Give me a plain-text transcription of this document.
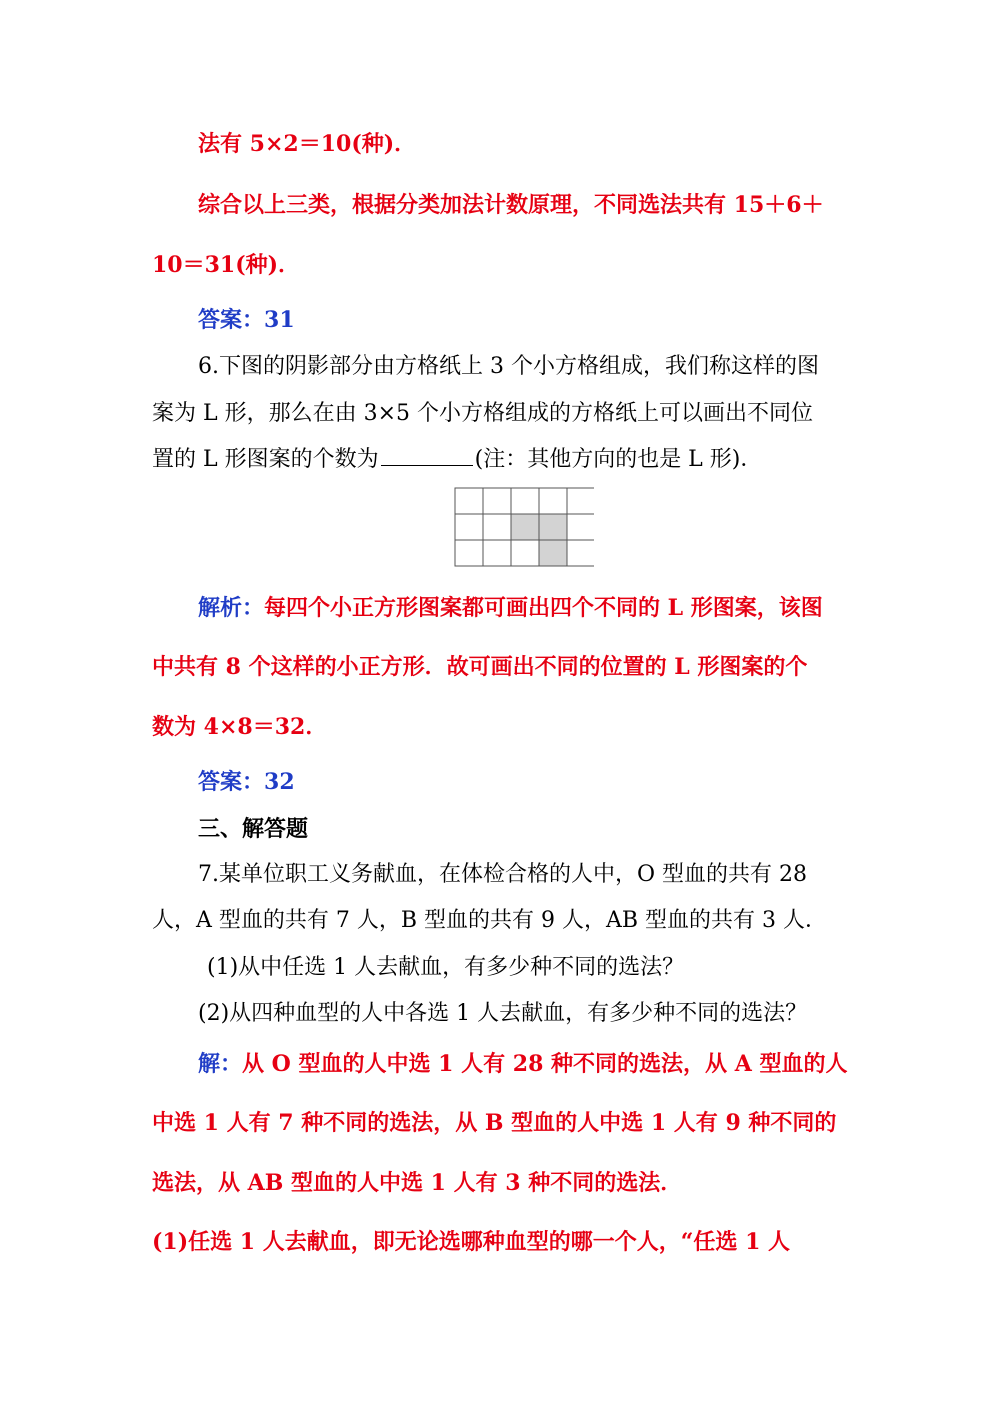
法有 5×2＝10(种)．
综合以上三类，根据分类加法计数原理，不同选法共有 15＋6＋
10＝31(种)．
答案：31
6.下图的阴影部分由方格纸上 3 个小方格组成，我们称这样的图
案为 L 形，那么在由 3×5 个小方格组成的方格纸上可以画出不同位
置的 L 形图案的个数为	(注：其他方向的也是 L 形)．
解析：每四个小正方形图案都可画出四个不同的 L 形图案，该图
中共有 8 个这样的小正方形．故可画出不同的位置的 L 形图案的个
数为 4×8＝32．
答案：32
三、解答题
7.某单位职工义务献血，在体检合格的人中，O 型血的共有 28
人，A 型血的共有 7 人，B 型血的共有 9 人，AB 型血的共有 3 人．
(1)从中任选 1 人去献血，有多少种不同的选法？
(2)从四种血型的人中各选 1 人去献血，有多少种不同的选法？
解：从 O 型血的人中选 1 人有 28 种不同的选法，从 A 型血的人
中选 1 人有 7 种不同的选法，从 B 型血的人中选 1 人有 9 种不同的
选法，从 AB 型血的人中选 1 人有 3 种不同的选法．
(1)任选 1 人去献血，即无论选哪种血型的哪一个人，“任选 1 人
